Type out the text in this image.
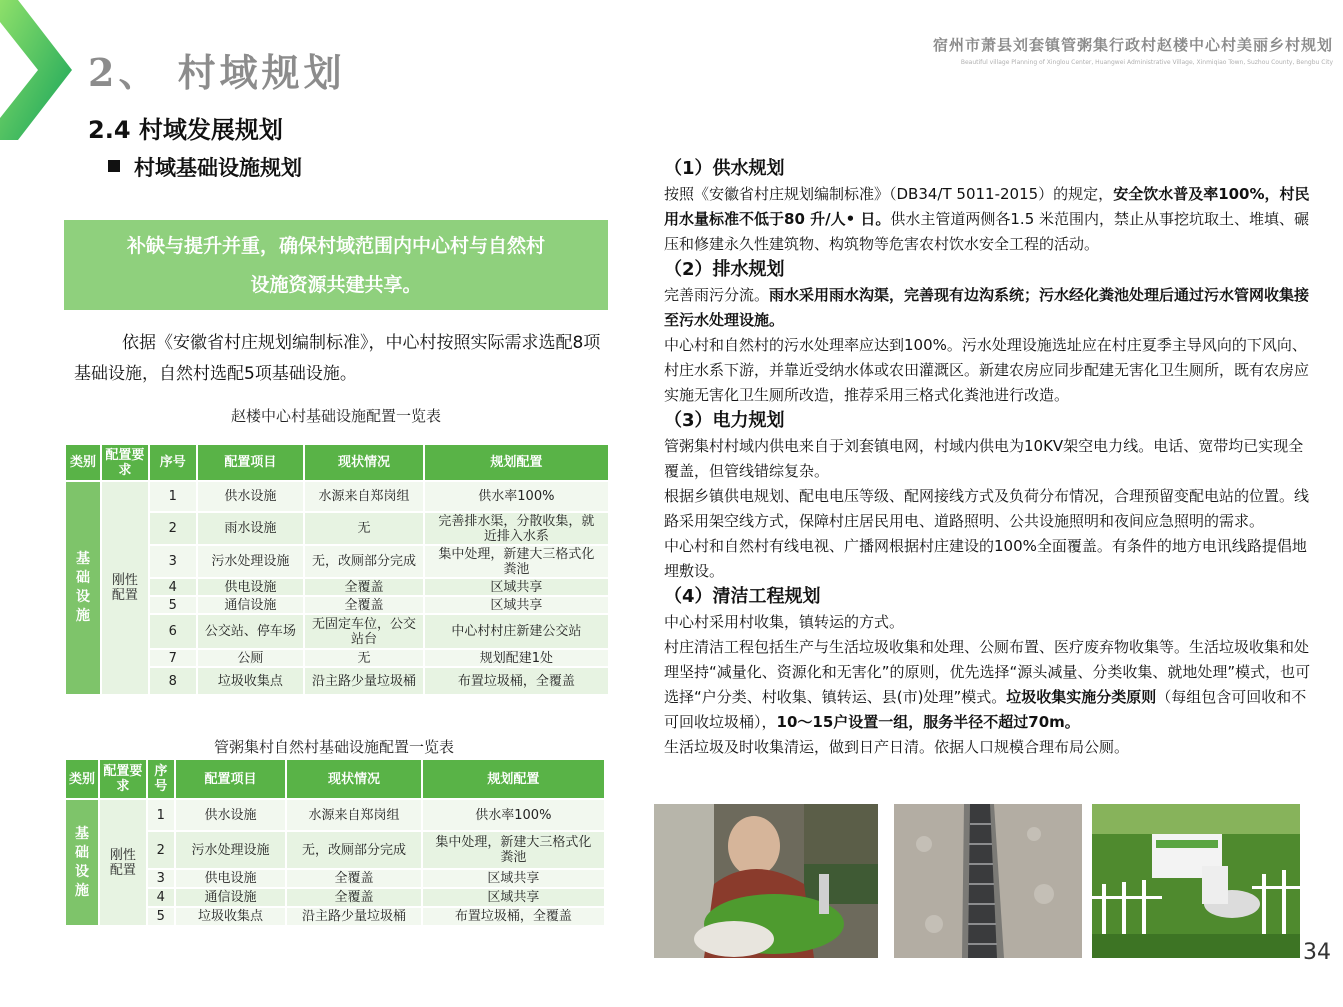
2、 村域规划
宿州市萧县刘套镇管粥集行政村赵楼中心村美丽乡村规划
Beautiful village Planning of Xinglou Center, Huangwei Administrative Village, Xinmiqiao Town, Suzhou County, Bengbu City
2.4 村域发展规划
村域基础设施规划
补缺与提升并重，确保村域范围内中心村与自然村
设施资源共建共享。
依据《安徽省村庄规划编制标准》，中心村按照实际需求选配8项基础设施，自然村选配5项基础设施。
赵楼中心村基础设施配置一览表
类别	配置要求	序号	配置项目	现状情况	规划配置
基础设施	刚性配置	1	供水设施	水源来自郑岗组	供水率100%
		2	雨水设施	无	完善排水渠，分散收集，就近排入水系
		3	污水处理设施	无，改厕部分完成	集中处理，新建大三格式化粪池
		4	供电设施	全覆盖	区域共享
		5	通信设施	全覆盖	区域共享
		6	公交站、停车场	无固定车位，公交站台	中心村村庄新建公交站
		7	公厕	无	规划配建1处
		8	垃圾收集点	沿主路少量垃圾桶	布置垃圾桶，全覆盖
管粥集村自然村基础设施配置一览表
类别	配置要求	序号	配置项目	现状情况	规划配置
基础设施	刚性配置	1	供水设施	水源来自郑岗组	供水率100%
		2	污水处理设施	无，改厕部分完成	集中处理，新建大三格式化粪池
		3	供电设施	全覆盖	区域共享
		4	通信设施	全覆盖	区域共享
		5	垃圾收集点	沿主路少量垃圾桶	布置垃圾桶，全覆盖
（1）供水规划

按照《安徽省村庄规划编制标准》（DB34/T 5011-2015）的规定，安全饮水普及率100%，村民用水量标准不低于80 升/人• 日。供水主管道两侧各1.5 米范围内，禁止从事挖坑取土、堆填、碾压和修建永久性建筑物、构筑物等危害农村饮水安全工程的活动。

（2）排水规划

完善雨污分流。雨水采用雨水沟渠，完善现有边沟系统；污水经化粪池处理后通过污水管网收集接至污水处理设施。

中心村和自然村的污水处理率应达到100%。污水处理设施选址应在村庄夏季主导风向的下风向、村庄水系下游，并靠近受纳水体或农田灌溉区。新建农房应同步配建无害化卫生厕所，既有农房应实施无害化卫生厕所改造，推荐采用三格式化粪池进行改造。

（3）电力规划

管粥集村村域内供电来自于刘套镇电网，村域内供电为10KV架空电力线。电话、宽带均已实现全覆盖，但管线错综复杂。

根据乡镇供电规划、配电电压等级、配网接线方式及负荷分布情况，合理预留变配电站的位置。线路采用架空线方式，保障村庄居民用电、道路照明、公共设施照明和夜间应急照明的需求。

中心村和自然村有线电视、广播网根据村庄建设的100%全面覆盖。有条件的地方电讯线路提倡地埋敷设。

（4）清洁工程规划

中心村采用村收集，镇转运的方式。

村庄清洁工程包括生产与生活垃圾收集和处理、公厕布置、医疗废弃物收集等。生活垃圾收集和处理坚持“减量化、资源化和无害化”的原则，优先选择“源头减量、分类收集、就地处理”模式，也可选择“户分类、村收集、镇转运、县(市)处理”模式。垃圾收集实施分类原则（每组包含可回收和不可回收垃圾桶），10～15户设置一组，服务半径不超过70m。

生活垃圾及时收集清运，做到日产日清。依据人口规模合理布局公厕。

34
